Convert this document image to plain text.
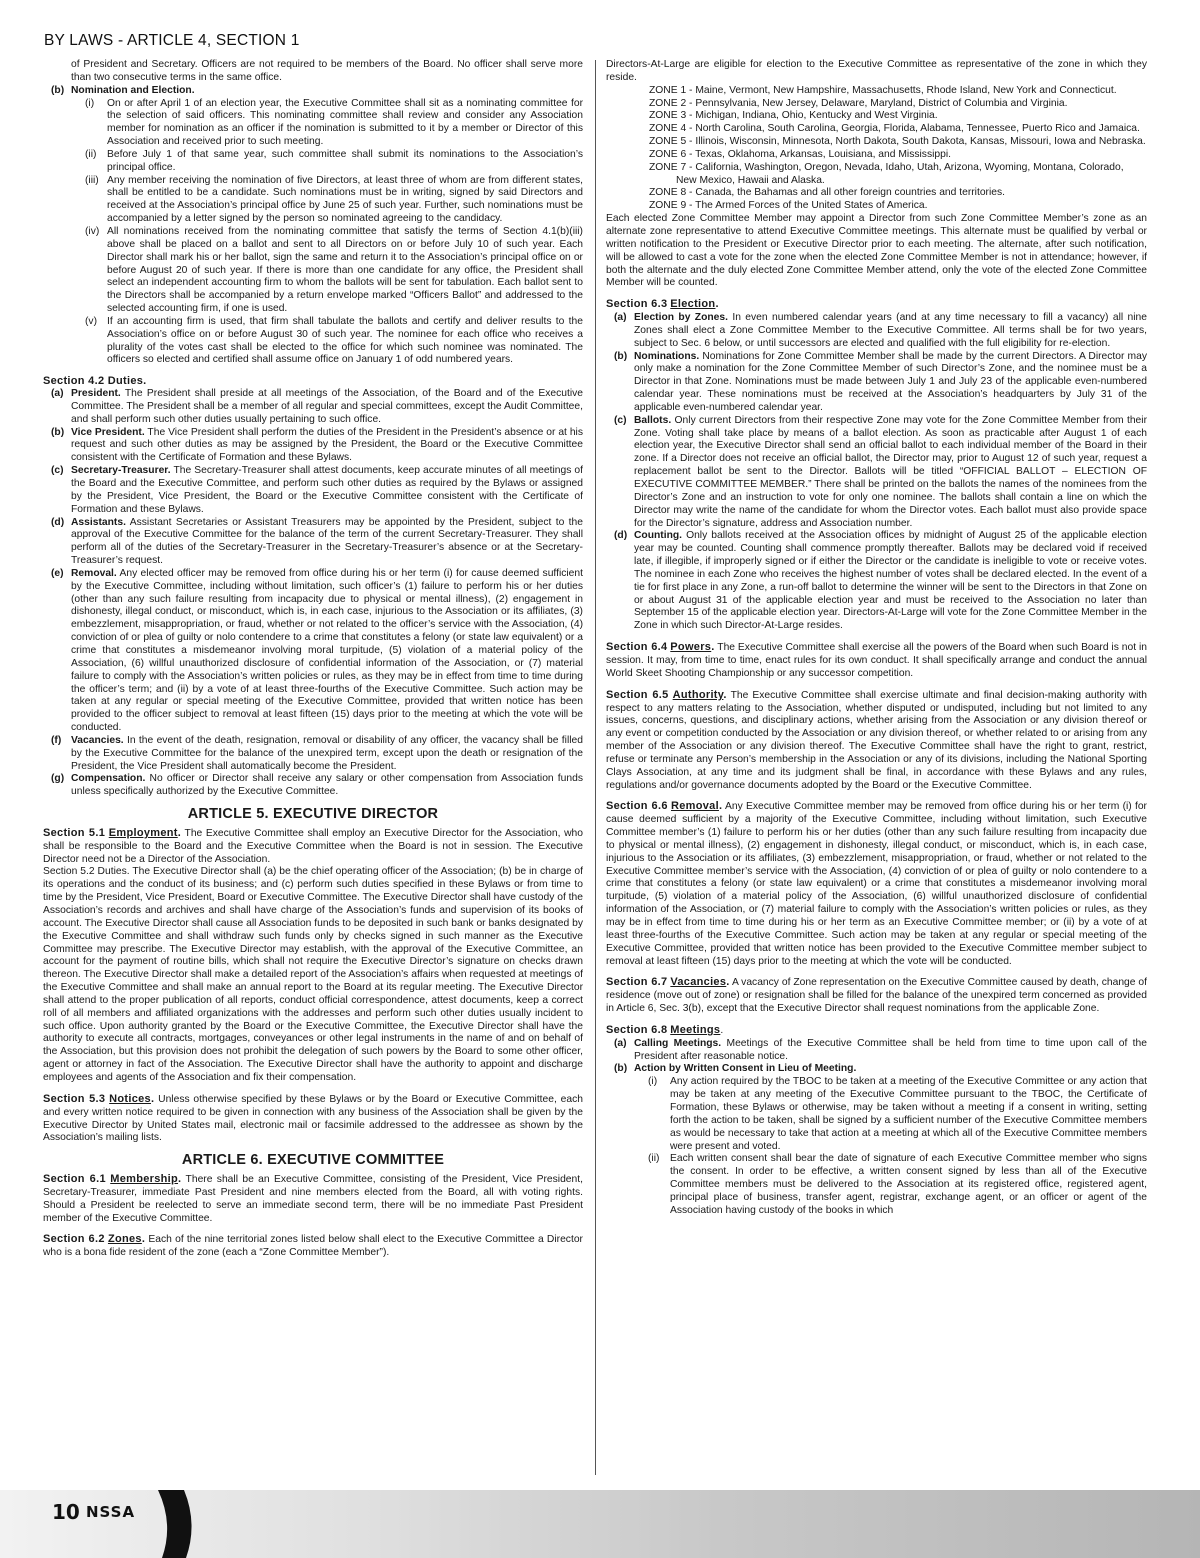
BY LAWS - ARTICLE 4, SECTION 1

of President and Secretary. Officers are not required to be members of the Board. No officer shall serve more than two consecutive terms in the same office.

(b) Nomination and Election.

(i) On or after April 1 of an election year, the Executive Committee shall sit as a nominating committee for the selection of said officers. This nominating committee shall review and consider any Association member for nomination as an officer if the nomination is submitted to it by a member or Director of this Association and received prior to such meeting.

(ii) Before July 1 of that same year, such committee shall submit its nominations to the Association’s principal office.

(iii) Any member receiving the nomination of five Directors, at least three of whom are from different states, shall be entitled to be a candidate. Such nominations must be in writing, signed by said Directors and received at the Association’s principal office by June 25 of such year. Further, such nominations must be accompanied by a letter signed by the person so nominated agreeing to the candidacy.

(iv) All nominations received from the nominating committee that satisfy the terms of Section 4.1(b)(iii) above shall be placed on a ballot and sent to all Directors on or before July 10 of such year. Each Director shall mark his or her ballot, sign the same and return it to the Association’s principal office on or before August 20 of such year. If there is more than one candidate for any office, the President shall select an independent accounting firm to whom the ballots will be sent for tabulation. Each ballot sent to the Directors shall be accompanied by a return envelope marked “Officers Ballot” and addressed to the selected accounting firm, if one is used.

(v) If an accounting firm is used, that firm shall tabulate the ballots and certify and deliver results to the Association’s office on or before August 30 of such year. The nominee for each office who receives a plurality of the votes cast shall be elected to the office for which such nominee was nominated. The officers so elected and certified shall assume office on January 1 of odd numbered years.

Section 4.2 Duties.

(a) President. The President shall preside at all meetings of the Association, of the Board and of the Executive Committee. The President shall be a member of all regular and special committees, except the Audit Committee, and shall perform such other duties usually pertaining to such office.

(b) Vice President. The Vice President shall perform the duties of the President in the President’s absence or at his request and such other duties as may be assigned by the President, the Board or the Executive Committee consistent with the Certificate of Formation and these Bylaws.

(c) Secretary-Treasurer. The Secretary-Treasurer shall attest documents, keep accurate minutes of all meetings of the Board and the Executive Committee, and perform such other duties as required by the Bylaws or assigned by the President, Vice President, the Board or the Executive Committee consistent with the Certificate of Formation and these Bylaws.

(d) Assistants. Assistant Secretaries or Assistant Treasurers may be appointed by the President, subject to the approval of the Executive Committee for the balance of the term of the current Secretary-Treasurer. They shall perform all of the duties of the Secretary-Treasurer in the Secretary-Treasurer’s absence or at the Secretary-Treasurer’s request.

(e) Removal. Any elected officer may be removed from office during his or her term (i) for cause deemed sufficient by the Executive Committee, including without limitation, such officer’s (1) failure to perform his or her duties (other than any such failure resulting from incapacity due to physical or mental illness), (2) engagement in dishonesty, illegal conduct, or misconduct, which is, in each case, injurious to the Association or its affiliates, (3) embezzlement, misappropriation, or fraud, whether or not related to the officer’s service with the Association, (4) conviction of or plea of guilty or nolo contendere to a crime that constitutes a felony (or state law equivalent) or a crime that constitutes a misdemeanor involving moral turpitude, (5) violation of a material policy of the Association, (6) willful unauthorized disclosure of confidential information of the Association, or (7) material failure to comply with the Association’s written policies or rules, as they may be in effect from time to time during the officer’s term; and (ii) by a vote of at least three-fourths of the Executive Committee. Such action may be taken at any regular or special meeting of the Executive Committee, provided that written notice has been provided to the officer subject to removal at least fifteen (15) days prior to the meeting at which the vote will be conducted.

(f) Vacancies. In the event of the death, resignation, removal or disability of any officer, the vacancy shall be filled by the Executive Committee for the balance of the unexpired term, except upon the death or resignation of the President, the Vice President shall automatically become the President.

(g) Compensation. No officer or Director shall receive any salary or other compensation from Association funds unless specifically authorized by the Executive Committee.

ARTICLE 5. EXECUTIVE DIRECTOR

Section 5.1 Employment. The Executive Committee shall employ an Executive Director for the Association, who shall be responsible to the Board and the Executive Committee when the Board is not in session. The Executive Director need not be a Director of the Association.

Section 5.2 Duties. The Executive Director shall (a) be the chief operating officer of the Association; (b) be in charge of its operations and the conduct of its business; and (c) perform such duties specified in these Bylaws or from time to time by the President, Vice President, Board or Executive Committee. The Executive Director shall have custody of the Association’s records and archives and shall have charge of the Association’s funds and supervision of its books of account. The Executive Director shall cause all Association funds to be deposited in such bank or banks designated by the Executive Committee and shall withdraw such funds only by checks signed in such manner as the Executive Committee may prescribe. The Executive Director may establish, with the approval of the Executive Committee, an account for the payment of routine bills, which shall not require the Executive Director’s signature on checks drawn thereon. The Executive Director shall make a detailed report of the Association’s affairs when requested at meetings of the Executive Committee and shall make an annual report to the Board at its regular meeting. The Executive Director shall attend to the proper publication of all reports, conduct official correspondence, attest documents, keep a correct roll of all members and affiliated organizations with the addresses and perform such other duties usually incident to such office. Upon authority granted by the Board or the Executive Committee, the Executive Director shall have the authority to execute all contracts, mortgages, conveyances or other legal instruments in the name of and on behalf of the Association, but this provision does not prohibit the delegation of such powers by the Board to some other officer, agent or attorney in fact of the Association. The Executive Director shall have the authority to appoint and discharge employees and agents of the Association and fix their compensation.

Section 5.3 Notices. Unless otherwise specified by these Bylaws or by the Board or Executive Committee, each and every written notice required to be given in connection with any business of the Association shall be given by the Executive Director by United States mail, electronic mail or facsimile addressed to the addressee as shown by the Association’s mailing lists.

ARTICLE 6. EXECUTIVE COMMITTEE

Section 6.1 Membership. There shall be an Executive Committee, consisting of the President, Vice President, Secretary-Treasurer, immediate Past President and nine members elected from the Board, all with voting rights. Should a President be reelected to serve an immediate second term, there will be no immediate Past President member of the Executive Committee.

Section 6.2 Zones. Each of the nine territorial zones listed below shall elect to the Executive Committee a Director who is a bona fide resident of the zone (each a “Zone Committee Member”).

Directors-At-Large are eligible for election to the Executive Committee as representative of the zone in which they reside.

ZONE 1 - Maine, Vermont, New Hampshire, Massachusetts, Rhode Island, New York and Connecticut.

ZONE 2 - Pennsylvania, New Jersey, Delaware, Maryland, District of Columbia and Virginia.

ZONE 3 - Michigan, Indiana, Ohio, Kentucky and West Virginia.

ZONE 4 - North Carolina, South Carolina, Georgia, Florida, Alabama, Tennessee, Puerto Rico and Jamaica.

ZONE 5 - Illinois, Wisconsin, Minnesota, North Dakota, South Dakota, Kansas, Missouri, Iowa and Nebraska.

ZONE 6 - Texas, Oklahoma, Arkansas, Louisiana, and Mississippi.

ZONE 7 - California, Washington, Oregon, Nevada, Idaho, Utah, Arizona, Wyoming, Montana, Colorado, New Mexico, Hawaii and Alaska.

ZONE 8 - Canada, the Bahamas and all other foreign countries and territories.

ZONE 9 - The Armed Forces of the United States of America.

Each elected Zone Committee Member may appoint a Director from such Zone Committee Member’s zone as an alternate zone representative to attend Executive Committee meetings. This alternate must be qualified by verbal or written notification to the President or Executive Director prior to each meeting. The alternate, after such notification, will be allowed to cast a vote for the zone when the elected Zone Committee Member is not in attendance; however, if both the alternate and the duly elected Zone Committee Member attend, only the vote of the elected Zone Committee Member will be counted.

Section 6.3 Election.

(a) Election by Zones. In even numbered calendar years (and at any time necessary to fill a vacancy) all nine Zones shall elect a Zone Committee Member to the Executive Committee. All terms shall be for two years, subject to Sec. 6 below, or until successors are elected and qualified with the full eligibility for re-election.

(b) Nominations. Nominations for Zone Committee Member shall be made by the current Directors. A Director may only make a nomination for the Zone Committee Member of such Director’s Zone, and the nominee must be a Director in that Zone. Nominations must be made between July 1 and July 23 of the applicable even-numbered calendar year. These nominations must be received at the Association’s headquarters by July 31 of the applicable even-numbered calendar year.

(c) Ballots. Only current Directors from their respective Zone may vote for the Zone Committee Member from their Zone. Voting shall take place by means of a ballot election. As soon as practicable after August 1 of each election year, the Executive Director shall send an official ballot to each individual member of the Board in their zone. If a Director does not receive an official ballot, the Director may, prior to August 12 of such year, request a replacement ballot be sent to the Director. Ballots will be titled “OFFICIAL BALLOT – ELECTION OF EXECUTIVE COMMITTEE MEMBER.” There shall be printed on the ballots the names of the nominees from the Director’s Zone and an instruction to vote for only one nominee. The ballots shall contain a line on which the Director may write the name of the candidate for whom the Director votes. Each ballot must also provide space for the Director’s signature, address and Association number.

(d) Counting. Only ballots received at the Association offices by midnight of August 25 of the applicable election year may be counted. Counting shall commence promptly thereafter. Ballots may be declared void if received late, if illegible, if improperly signed or if either the Director or the candidate is ineligible to vote or receive votes. The nominee in each Zone who receives the highest number of votes shall be declared elected. In the event of a tie for first place in any Zone, a run-off ballot to determine the winner will be sent to the Directors in that Zone on or about August 31 of the applicable election year and must be received to the Association no later than September 15 of the applicable election year. Directors-At-Large will vote for the Zone Committee Member in the Zone in which such Director-At-Large resides.

Section 6.4 Powers. The Executive Committee shall exercise all the powers of the Board when such Board is not in session. It may, from time to time, enact rules for its own conduct. It shall specifically arrange and conduct the annual World Skeet Shooting Championship or any successor competition.

Section 6.5 Authority. The Executive Committee shall exercise ultimate and final decision-making authority with respect to any matters relating to the Association, whether disputed or undisputed, including but not limited to any issues, concerns, questions, and disciplinary actions, whether arising from the Association or any division thereof or any event or competition conducted by the Association or any division thereof, or whether related to or arising from any member of the Association or any division thereof. The Executive Committee shall have the right to grant, restrict, refuse or terminate any Person’s membership in the Association or any of its divisions, including the National Sporting Clays Association, at any time and its judgment shall be final, in accordance with these Bylaws and any rules, regulations and/or governance documents adopted by the Board or the Executive Committee.

Section 6.6 Removal. Any Executive Committee member may be removed from office during his or her term (i) for cause deemed sufficient by a majority of the Executive Committee, including without limitation, such Executive Committee member’s (1) failure to perform his or her duties (other than any such failure resulting from incapacity due to physical or mental illness), (2) engagement in dishonesty, illegal conduct, or misconduct, which is, in each case, injurious to the Association or its affiliates, (3) embezzlement, misappropriation, or fraud, whether or not related to the Executive Committee member’s service with the Association, (4) conviction of or plea of guilty or nolo contendere to a crime that constitutes a felony (or state law equivalent) or a crime that constitutes a misdemeanor involving moral turpitude, (5) violation of a material policy of the Association, (6) willful unauthorized disclosure of confidential information of the Association, or (7) material failure to comply with the Association’s written policies or rules, as they may be in effect from time to time during his or her term as an Executive Committee member; or (ii) by a vote of at least three-fourths of the Executive Committee. Such action may be taken at any regular or special meeting of the Executive Committee, provided that written notice has been provided to the Executive Committee member subject to removal at least fifteen (15) days prior to the meeting at which the vote will be conducted.

Section 6.7 Vacancies. A vacancy of Zone representation on the Executive Committee caused by death, change of residence (move out of zone) or resignation shall be filled for the balance of the unexpired term concerned as provided in Article 6, Sec. 3(b), except that the Executive Director shall request nominations from the applicable Zone.

Section 6.8 Meetings.

(a) Calling Meetings. Meetings of the Executive Committee shall be held from time to time upon call of the President after reasonable notice.

(b) Action by Written Consent in Lieu of Meeting.

(i) Any action required by the TBOC to be taken at a meeting of the Executive Committee or any action that may be taken at any meeting of the Executive Committee pursuant to the TBOC, the Certificate of Formation, these Bylaws or otherwise, may be taken without a meeting if a consent in writing, setting forth the action to be taken, shall be signed by a sufficient number of the Executive Committee members as would be necessary to take that action at a meeting at which all of the Executive Committee members were present and voted.

(ii) Each written consent shall bear the date of signature of each Executive Committee member who signs the consent. In order to be effective, a written consent signed by less than all of the Executive Committee members must be delivered to the Association at its registered office, registered agent, principal place of business, transfer agent, registrar, exchange agent, or an officer or agent of the Association having custody of the books in which

10 NSSA
